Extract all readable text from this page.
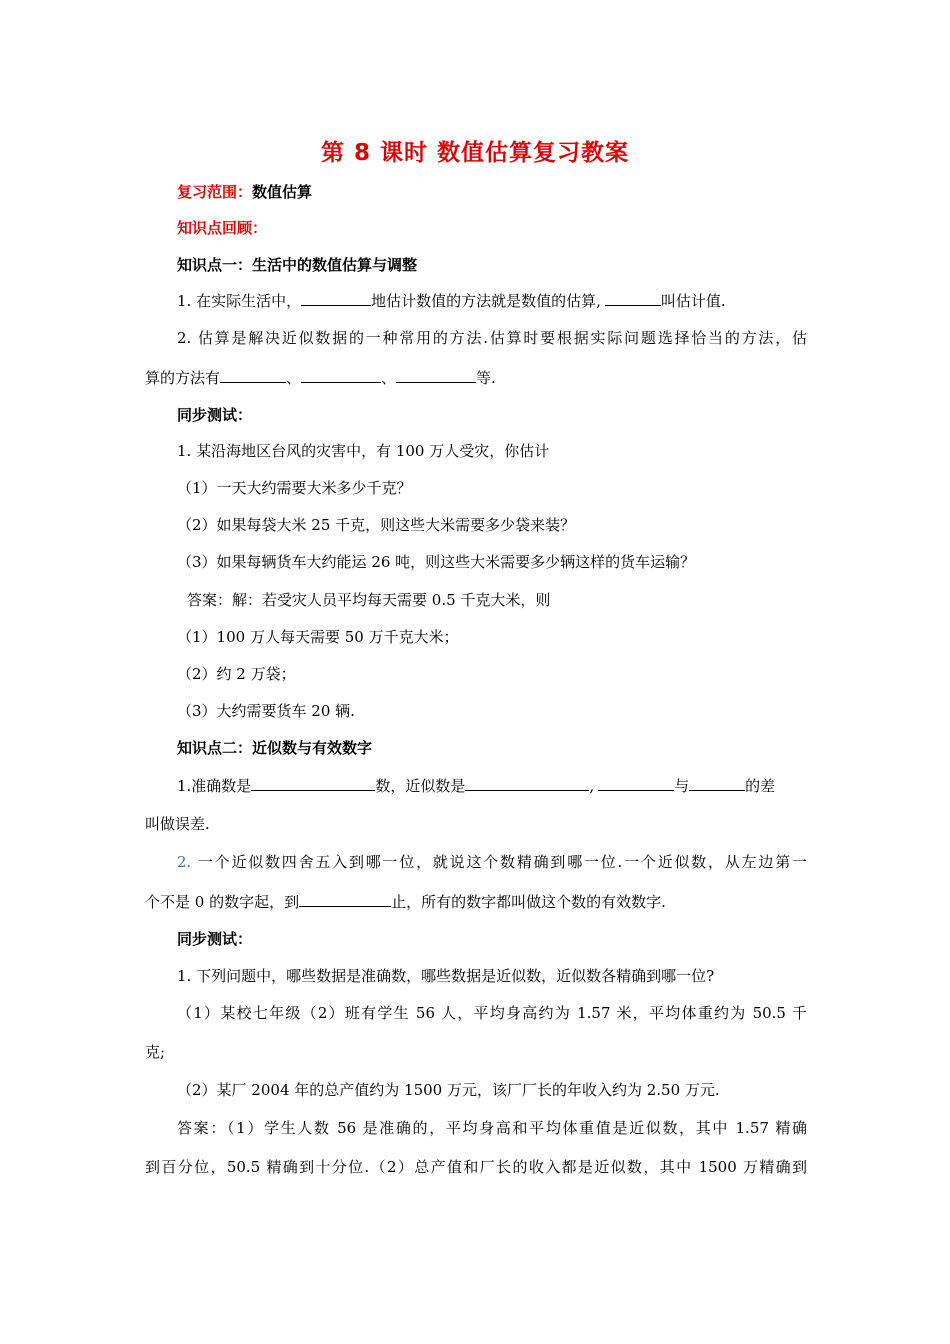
第 8 课时 数值估算复习教案
复习范围：数值估算
知识点回顾：
知识点一：生活中的数值估算与调整
1. 在实际生活中，	地估计数值的方法就是数值的估算,	叫估计值.
2. 估算是解决近似数据的一种常用的方法.估算时要根据实际问题选择恰当的方法，估
算的方法有	、	、	等.
同步测试：
1. 某沿海地区台风的灾害中，有 100 万人受灾，你估计
（1）一天大约需要大米多少千克？
（2）如果每袋大米 25 千克，则这些大米需要多少袋来装？
（3）如果每辆货车大约能运 26 吨，则这些大米需要多少辆这样的货车运输？
答案：解：若受灾人员平均每天需要 0.5 千克大米，则
（1）100 万人每天需要 50 万千克大米；
（2）约 2 万袋；
（3）大约需要货车 20 辆.
知识点二：近似数与有效数字
1.准确数是	数，近似数是	,	与	的差
叫做误差.
2. 一个近似数四舍五入到哪一位，就说这个数精确到哪一位.一个近似数，从左边第一
个不是 0 的数字起，到	止，所有的数字都叫做这个数的有效数字.
同步测试：
1. 下列问题中，哪些数据是准确数，哪些数据是近似数，近似数各精确到哪一位?
（1）某校七年级（2）班有学生 56 人，平均身高约为 1.57 米，平均体重约为 50.5 千
克;
（2）某厂 2004 年的总产值约为 1500 万元，该厂厂长的年收入约为 2.50 万元.
答案：（1）学生人数 56 是准确的，平均身高和平均体重值是近似数，其中 1.57 精确
到百分位，50.5 精确到十分位.（2）总产值和厂长的收入都是近似数，其中 1500 万精确到
